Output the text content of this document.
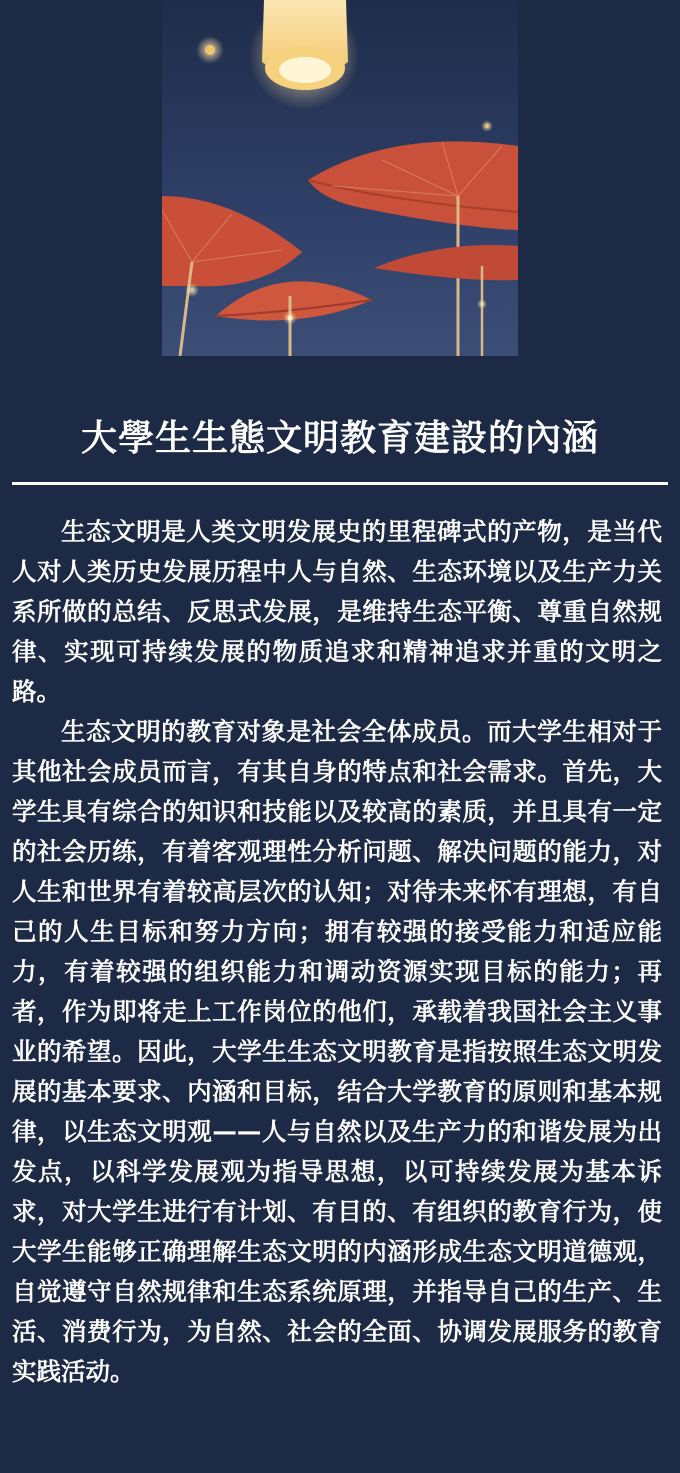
大學生生態文明教育建設的內涵

生态文明是人类文明发展史的里程碑式的产物，是当代人对人类历史发展历程中人与自然、生态环境以及生产力关系所做的总结、反思式发展，是维持生态平衡、尊重自然规律、实现可持续发展的物质追求和精神追求并重的文明之路。

生态文明的教育对象是社会全体成员。而大学生相对于其他社会成员而言，有其自身的特点和社会需求。首先，大学生具有综合的知识和技能以及较高的素质，并且具有一定的社会历练，有着客观理性分析问题、解决问题的能力，对人生和世界有着较高层次的认知；对待未来怀有理想，有自己的人生目标和努力方向；拥有较强的接受能力和适应能力，有着较强的组织能力和调动资源实现目标的能力；再者，作为即将走上工作岗位的他们，承载着我国社会主义事业的希望。因此，大学生生态文明教育是指按照生态文明发展的基本要求、内涵和目标，结合大学教育的原则和基本规律，以生态文明观——人与自然以及生产力的和谐发展为出发点，以科学发展观为指导思想，以可持续发展为基本诉求，对大学生进行有计划、有目的、有组织的教育行为，使大学生能够正确理解生态文明的内涵形成生态文明道德观，自觉遵守自然规律和生态系统原理，并指导自己的生产、生活、消费行为，为自然、社会的全面、协调发展服务的教育实践活动。
